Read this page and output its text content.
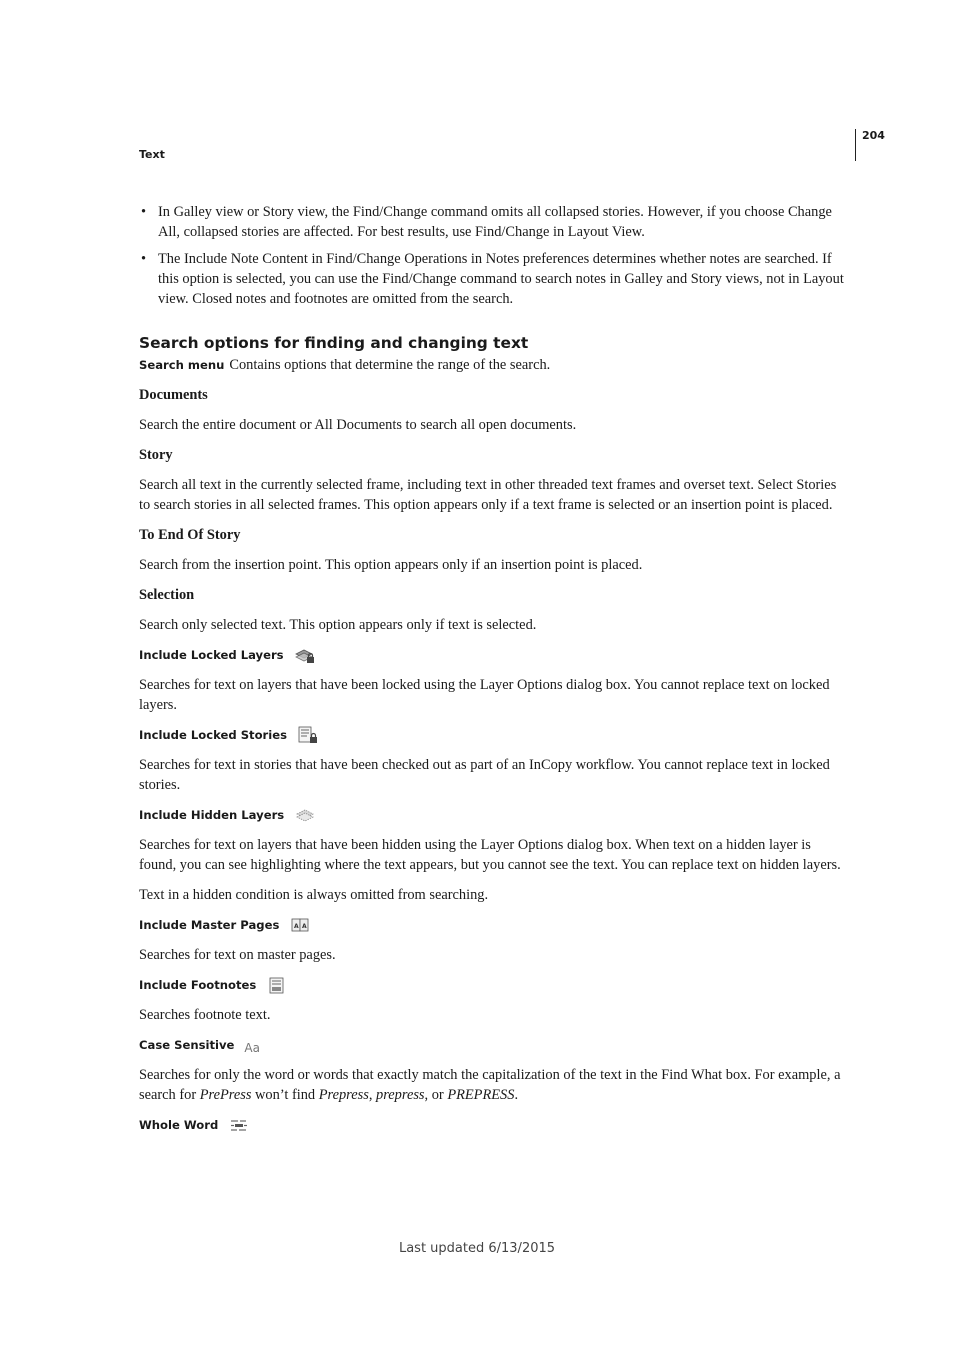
204
Text
• In Galley view or Story view, the Find/Change command omits all collapsed stories. However, if you choose Change All, collapsed stories are affected. For best results, use Find/Change in Layout View.
• The Include Note Content in Find/Change Operations in Notes preferences determines whether notes are searched. If this option is selected, you can use the Find/Change command to search notes in Galley and Story views, not in Layout view. Closed notes and footnotes are omitted from the search.
Search options for finding and changing text

Search menu Contains options that determine the range of the search.

Documents

Search the entire document or All Documents to search all open documents.

Story

Search all text in the currently selected frame, including text in other threaded text frames and overset text. Select Stories to search stories in all selected frames. This option appears only if a text frame is selected or an insertion point is placed.

To End Of Story

Search from the insertion point. This option appears only if an insertion point is placed.

Selection

Search only selected text. This option appears only if text is selected.

Include Locked Layers

Searches for text on layers that have been locked using the Layer Options dialog box. You cannot replace text on locked layers.

Include Locked Stories

Searches for text in stories that have been checked out as part of an InCopy workflow. You cannot replace text in locked stories.

Include Hidden Layers

Searches for text on layers that have been hidden using the Layer Options dialog box. When text on a hidden layer is found, you can see highlighting where the text appears, but you cannot see the text. You can replace text on hidden layers.

Text in a hidden condition is always omitted from searching.

Include Master Pages	A A

Searches for text on master pages.

Include Footnotes

Searches footnote text.

Case Sensitive Aa

Searches for only the word or words that exactly match the capitalization of the text in the Find What box. For example, a search for PrePress won’t find Prepress, prepress, or PREPRESS.

Whole Word
Last updated 6/13/2015
